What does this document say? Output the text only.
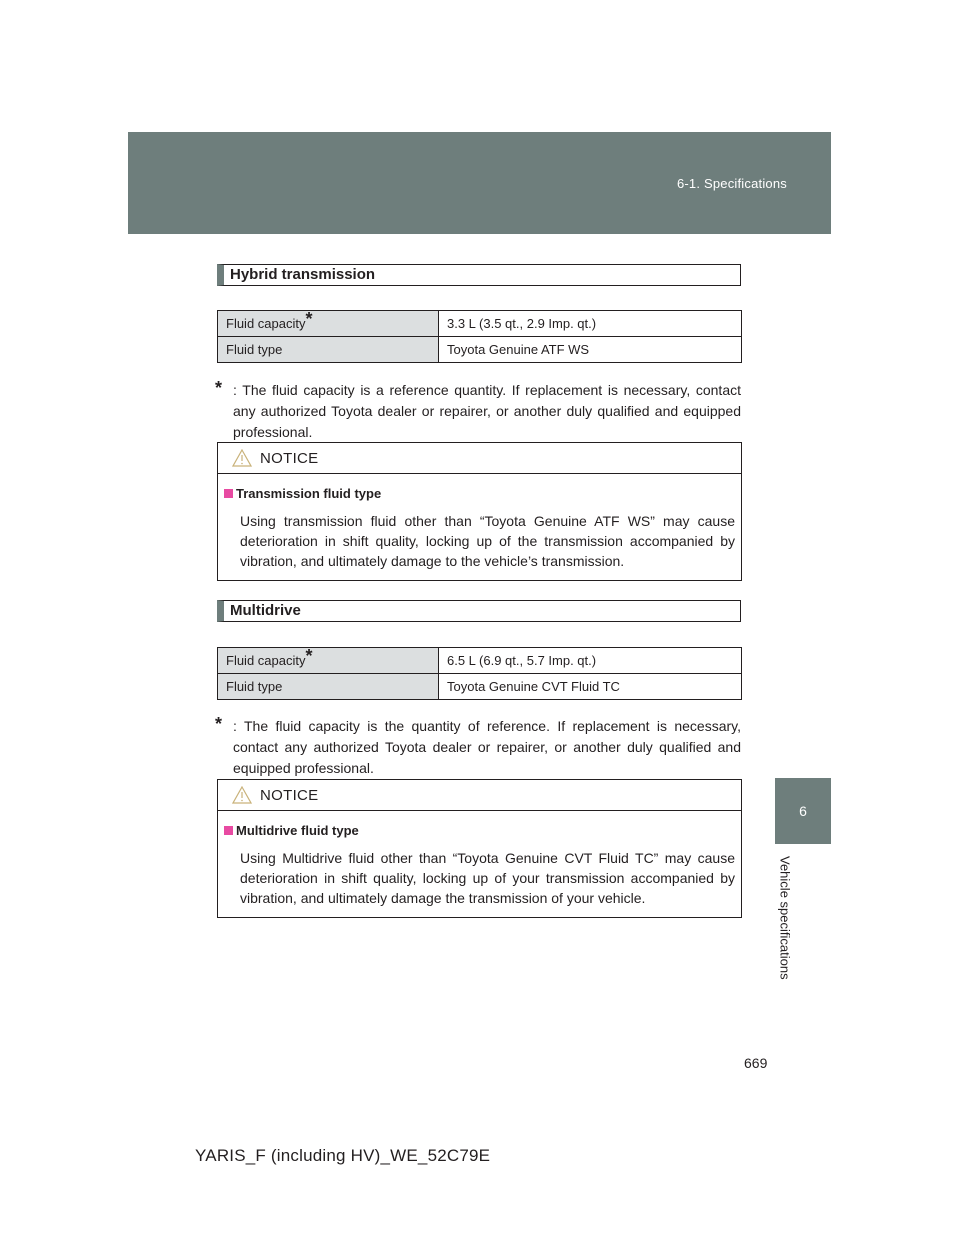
6-1. Specifications
6
Vehicle specifications
Hybrid transmission
Fluid capacity*	3.3 L (3.5 qt., 2.9 Imp. qt.)
Fluid type	Toyota Genuine ATF WS
* : The fluid capacity is a reference quantity. If replacement is necessary, contact any authorized Toyota dealer or repairer, or another duly qualified and equipped professional.
NOTICE
Transmission fluid type
Using transmission fluid other than “Toyota Genuine ATF WS” may cause deterioration in shift quality, locking up of the transmission accompanied by vibration, and ultimately damage to the vehicle’s transmission.
Multidrive
Fluid capacity*	6.5 L (6.9 qt., 5.7 Imp. qt.)
Fluid type	Toyota Genuine CVT Fluid TC
* : The fluid capacity is the quantity of reference. If replacement is necessary, contact any authorized Toyota dealer or repairer, or another duly qualified and equipped professional.
NOTICE
Multidrive fluid type
Using Multidrive fluid other than “Toyota Genuine CVT Fluid TC” may cause deterioration in shift quality, locking up of your transmission accompanied by vibration, and ultimately damage the transmission of your vehicle.
669
YARIS_F (including HV)_WE_52C79E
